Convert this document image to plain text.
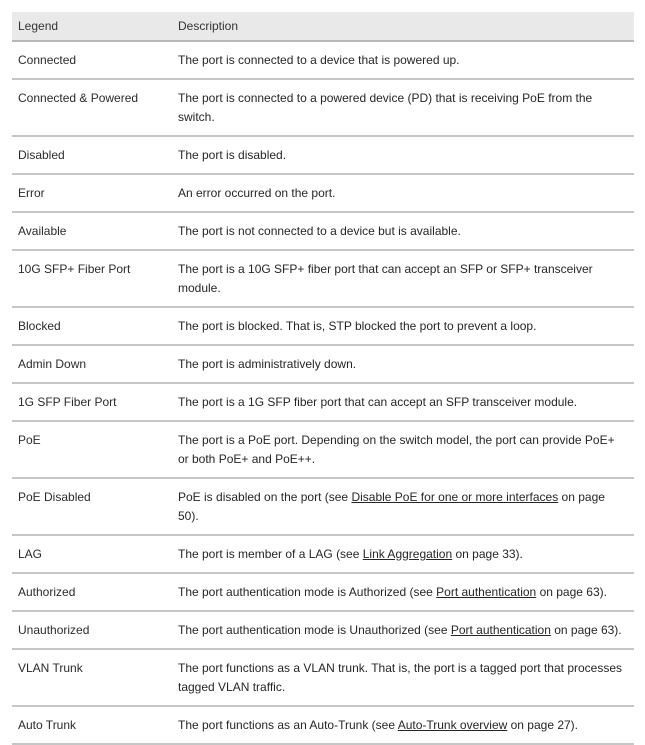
Legend	Description
Connected	The port is connected to a device that is powered up.
Connected & Powered	The port is connected to a powered device (PD) that is receiving PoE from the switch.
Disabled	The port is disabled.
Error	An error occurred on the port.
Available	The port is not connected to a device but is available.
10G SFP+ Fiber Port	The port is a 10G SFP+ fiber port that can accept an SFP or SFP+ transceiver module.
Blocked	The port is blocked. That is, STP blocked the port to prevent a loop.
Admin Down	The port is administratively down.
1G SFP Fiber Port	The port is a 1G SFP fiber port that can accept an SFP transceiver module.
PoE	The port is a PoE port. Depending on the switch model, the port can provide PoE+ or both PoE+ and PoE++.
PoE Disabled	PoE is disabled on the port (see Disable PoE for one or more interfaces on page 50).
LAG	The port is member of a LAG (see Link Aggregation on page 33).
Authorized	The port authentication mode is Authorized (see Port authentication on page 63).
Unauthorized	The port authentication mode is Unauthorized (see Port authentication on page 63).
VLAN Trunk	The port functions as a VLAN trunk. That is, the port is a tagged port that processes tagged VLAN traffic.
Auto Trunk	The port functions as an Auto-Trunk (see Auto-Trunk overview on page 27).
